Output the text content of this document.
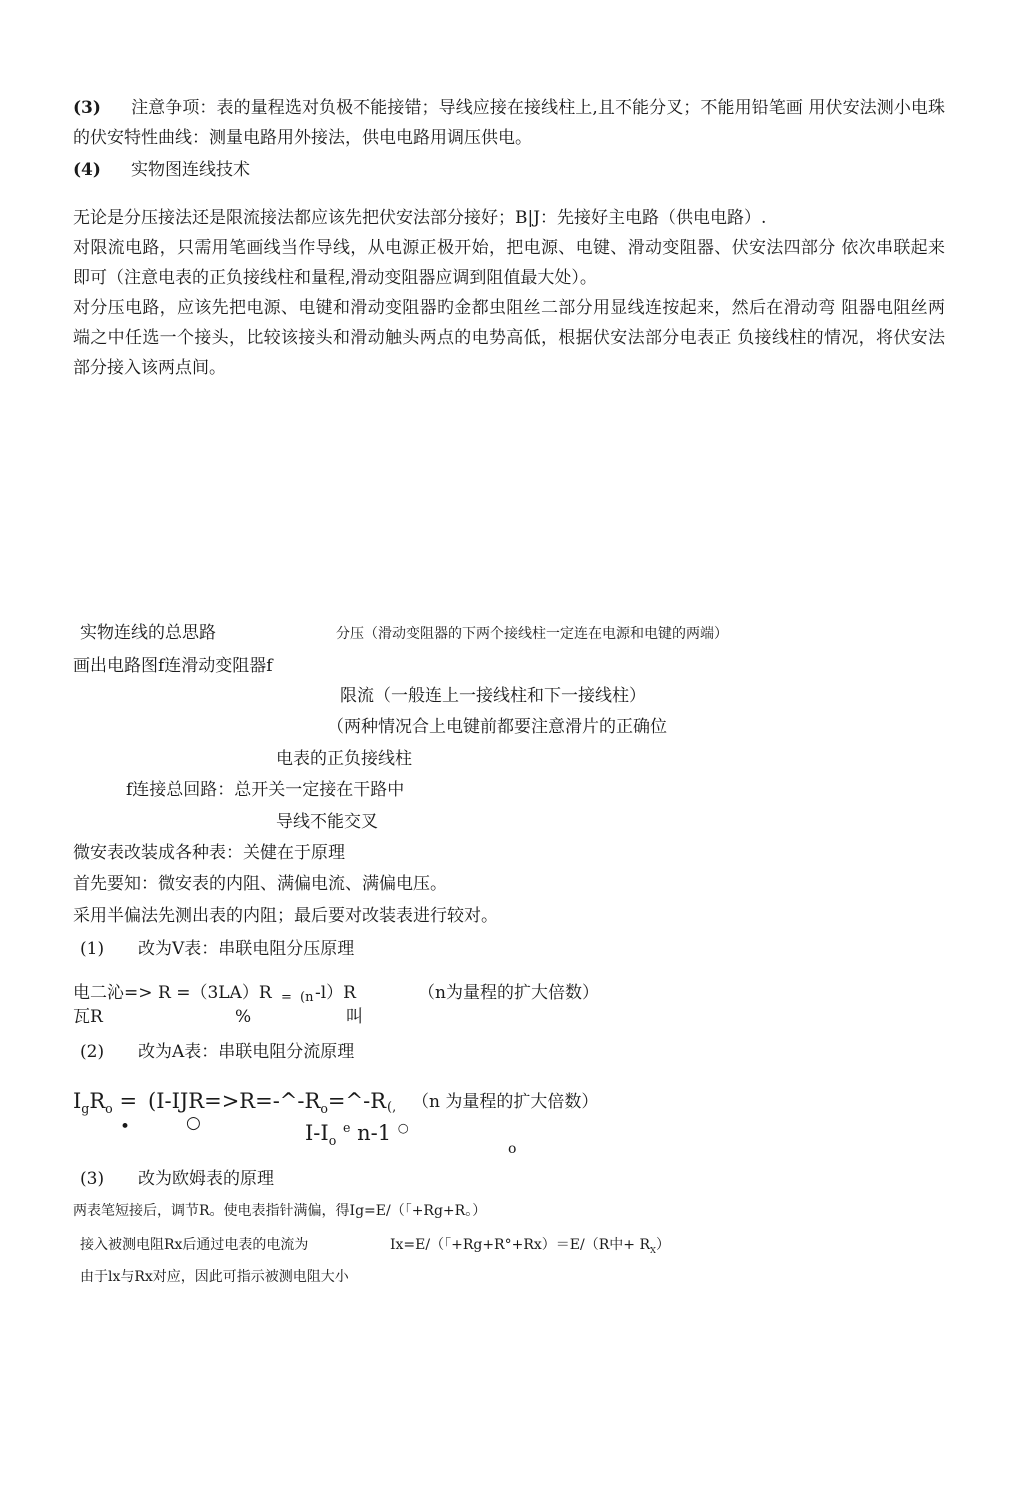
(3) 注意争项：表的量程选对负极不能接错；导线应接在接线柱上,且不能分叉；不能用铅笔画 用伏安法测小电珠的伏安特性曲线：测量电路用外接法，供电电路用调压供电。
(4) 实物图连线技术
无论是分压接法还是限流接法都应该先把伏安法部分接好；B|J：先接好主电路（供电电路）.
对限流电路，只需用笔画线当作导线，从电源正极开始，把电源、电键、滑动变阻器、伏安法四部分 依次串联起来即可（注意电表的正负接线柱和量程,滑动变阻器应调到阻值最大处）。
对分压电路，应该先把电源、电键和滑动变阻器旳金都虫阻丝二部分用显线连按起来，然后在滑动弯 阻器电阻丝两端之中任选一个接头，比较该接头和滑动触头两点的电势高低，根据伏安法部分电表正 负接线柱的情况，将伏安法部分接入该两点间。
实物连线的总思路	分压（滑动变阻器的下两个接线柱一定连在电源和电键的两端）
画出电路图f连滑动变阻器f
限流（一般连上一接线柱和下一接线柱）
（两种情况合上电键前都要注意滑片的正确位
电表的正负接线柱
f连接总回路：总开关一定接在干路中
导线不能交叉
微安表改装成各种表：关健在于原理
首先要知：微安表的内阻、满偏电流、满偏电压。
采用半偏法先测出表的内阻；最后要对改装表进行较对。
(1) 改为V表：串联电阻分压原理
电二沁=> R =（3LA）R = (n -l）R	（n为量程的扩大倍数）
瓦R	%	叫
(2) 改为A表：串联电阻分流原理
$I_gR_o$ = ($I-IJR=>R=-\^{}-R_o=\^{}-R$ (, （n 为量程的扩大倍数）
•	○	$I-I_o$ $^e$ n-1 ○
o
(3) 改为欧姆表的原理
两表笔短接后，调节R。使电表指针满偏，得Ig=E/（「+Rg+R。）
接入被测电阻Rx后通过电表的电流为	Ix=E/（「+Rg+R°+Rx）＝E/（R中+ $R_X$）
由于lx与Rx对应，因此可指示被测电阻大小
